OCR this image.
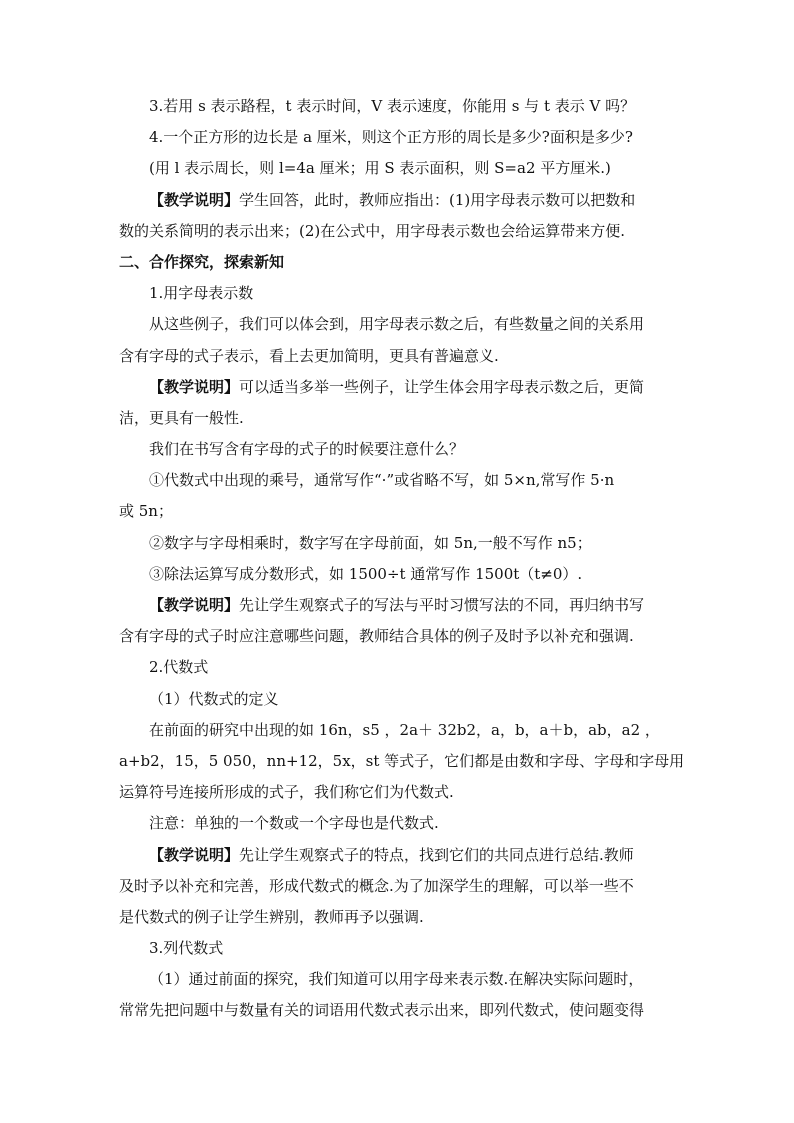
3.若用 s 表示路程，t 表示时间，V 表示速度，你能用 s 与 t 表示 V 吗？
4.一个正方形的边长是 a 厘米，则这个正方形的周长是多少?面积是多少?
(用 l 表示周长，则 l=4a 厘米；用 S 表示面积，则 S=a2 平方厘米.)
【教学说明】学生回答，此时，教师应指出：(1)用字母表示数可以把数和
数的关系简明的表示出来；(2)在公式中，用字母表示数也会给运算带来方便.
二、合作探究，探索新知
1.用字母表示数
从这些例子，我们可以体会到，用字母表示数之后，有些数量之间的关系用
含有字母的式子表示，看上去更加简明，更具有普遍意义.
【教学说明】可以适当多举一些例子，让学生体会用字母表示数之后，更简
洁，更具有一般性.
我们在书写含有字母的式子的时候要注意什么？
①代数式中出现的乘号，通常写作“·”或省略不写，如 5×n,常写作 5·n
或 5n；
②数字与字母相乘时，数字写在字母前面，如 5n,一般不写作 n5；
③除法运算写成分数形式，如 1500÷t 通常写作 1500t（t≠0）.
【教学说明】先让学生观察式子的写法与平时习惯写法的不同，再归纳书写
含有字母的式子时应注意哪些问题，教师结合具体的例子及时予以补充和强调.
2.代数式
（1）代数式的定义
在前面的研究中出现的如 16n，s5 ，2a＋ 32b2，a，b，a＋b，ab，a2 ，
a+b2，15，5 050，nn+12，5x，st 等式子，它们都是由数和字母、字母和字母用
运算符号连接所形成的式子，我们称它们为代数式.
注意：单独的一个数或一个字母也是代数式.
【教学说明】先让学生观察式子的特点，找到它们的共同点进行总结.教师
及时予以补充和完善，形成代数式的概念.为了加深学生的理解，可以举一些不
是代数式的例子让学生辨别，教师再予以强调.
3.列代数式
（1）通过前面的探究，我们知道可以用字母来表示数.在解决实际问题时，
常常先把问题中与数量有关的词语用代数式表示出来，即列代数式，使问题变得
